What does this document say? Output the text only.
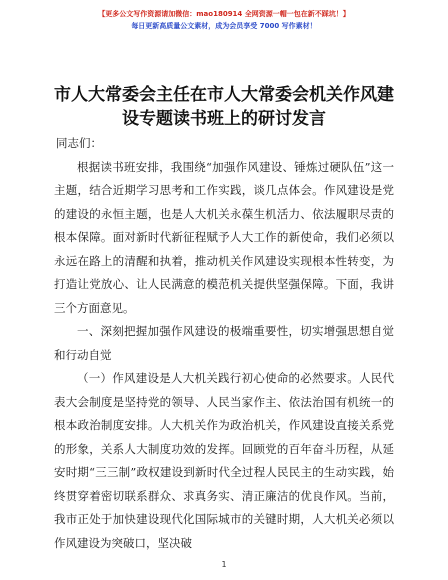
【更多公文写作资源请加微信：mao180914 全网资源一帽一包在新不踩坑！】
每日更新高质量公文素材，成为会员享受 7000 写作素材！
市人大常委会主任在市人大常委会机关作风建设专题读书班上的研讨发言

同志们：

根据读书班安排，我围绕“加强作风建设、锤炼过硬队伍”这一主题，结合近期学习思考和工作实践，谈几点体会。作风建设是党的建设的永恒主题，也是人大机关永葆生机活力、依法履职尽责的根本保障。面对新时代新征程赋予人大工作的新使命，我们必须以永远在路上的清醒和执着，推动机关作风建设实现根本性转变，为打造让党放心、让人民满意的模范机关提供坚强保障。下面，我讲三个方面意见。

一、深刻把握加强作风建设的极端重要性，切实增强思想自觉和行动自觉

（一）作风建设是人大机关践行初心使命的必然要求。人民代表大会制度是坚持党的领导、人民当家作主、依法治国有机统一的根本政治制度安排。人大机关作为政治机关，作风建设直接关系党的形象，关系人大制度功效的发挥。回顾党的百年奋斗历程，从延安时期“三三制”政权建设到新时代全过程人民民主的生动实践，始终贯穿着密切联系群众、求真务实、清正廉洁的优良作风。当前，我市正处于加快建设现代化国际城市的关键时期，人大机关必须以作风建设为突破口，坚决破

1
